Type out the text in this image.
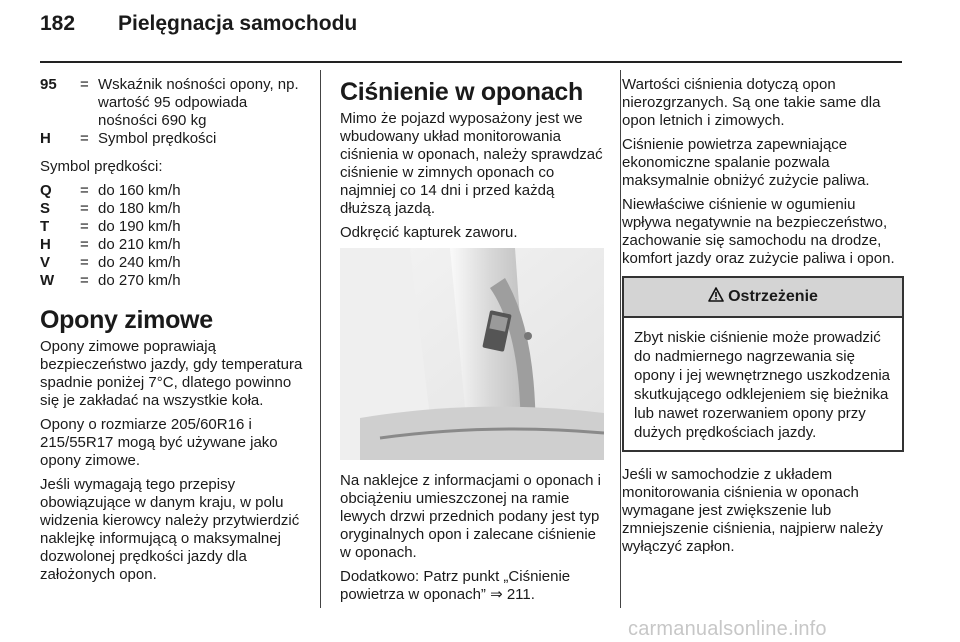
182	Pielęgnacja samochodu
95	= Wskaźnik nośności opony, np. wartość 95 odpowiada nośności 690 kg
H	= Symbol prędkości

Symbol prędkości:

Q	= do 160 km/h
S	= do 180 km/h
T	= do 190 km/h
H	= do 210 km/h
V	= do 240 km/h
W	= do 270 km/h
Opony zimowe

Opony zimowe poprawiają bezpieczeństwo jazdy, gdy temperatura spadnie poniżej 7°C, dlatego powinno się je zakładać na wszystkie koła.

Opony o rozmiarze 205/60R16 i 215/55R17 mogą być używane jako opony zimowe.

Jeśli wymagają tego przepisy obowiązujące w danym kraju, w polu widzenia kierowcy należy przytwierdzić naklejkę informującą o maksymalnej dozwolonej prędkości jazdy dla założonych opon.

Ciśnienie w oponach

Mimo że pojazd wyposażony jest we wbudowany układ monitorowania ciśnienia w oponach, należy sprawdzać ciśnienie w zimnych oponach co najmniej co 14 dni i przed każdą dłuższą jazdą.

Odkręcić kapturek zaworu.

Na naklejce z informacjami o oponach i obciążeniu umieszczonej na ramie lewych drzwi przednich podany jest typ oryginalnych opon i zalecane ciśnienie w oponach.

Dodatkowo: Patrz punkt „Ciśnienie powietrza w oponach” ⇒ 211.

Wartości ciśnienia dotyczą opon nierozgrzanych. Są one takie same dla opon letnich i zimowych.

Ciśnienie powietrza zapewniające ekonomiczne spalanie pozwala maksymalnie obniżyć zużycie paliwa.

Niewłaściwe ciśnienie w ogumieniu wpływa negatywnie na bezpieczeństwo, zachowanie się samochodu na drodze, komfort jazdy oraz zużycie paliwa i opon.

Ostrzeżenie
Zbyt niskie ciśnienie może prowadzić do nadmiernego nagrzewania się opony i jej wewnętrznego uszkodzenia skutkującego odklejeniem się bieżnika lub nawet rozerwaniem opony przy dużych prędkościach jazdy.

Jeśli w samochodzie z układem monitorowania ciśnienia w oponach wymagane jest zwiększenie lub zmniejszenie ciśnienia, najpierw należy wyłączyć zapłon.

carmanualsonline.info
